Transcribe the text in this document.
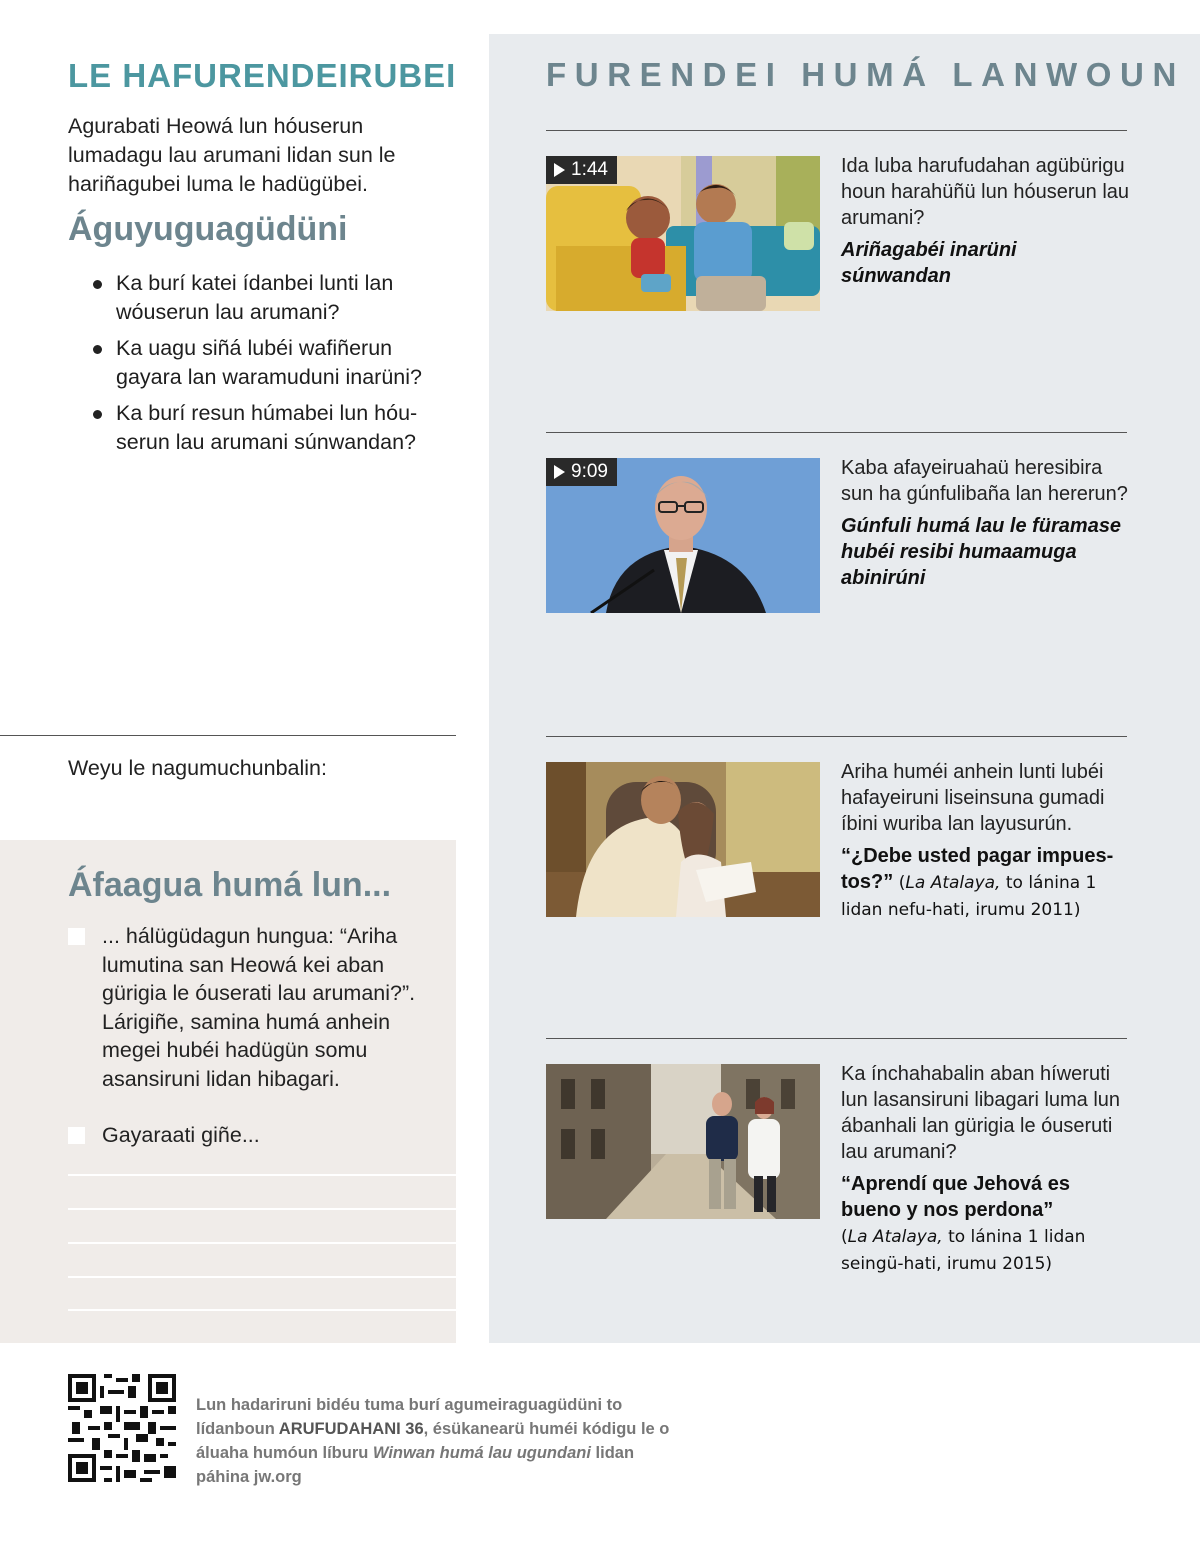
LE HAFURENDEIRUBEI

Agurabati Heowá lun hóuserun lumadagu lau arumani lidan sun le hariñagubei luma le hadügübei.

Águyuguagüdüni
Ka burí katei ídanbei lunti lan wóuserun lau arumani?
Ka uagu siñá lubéi wafiñerun gayara lan waramuduni inarüni?
Ka burí resun húmabei lun hóuserun lau arumani súnwandan?

Weyu le nagumuchunbalin:

Áfaagua humá lun...
... hálügüdagun hungua: “Ariha lumutina san Heowá kei aban gürigia le óuserati lau arumani?”. Lárigiñe, samina humá anhein megei hubéi hadügün somu asansiruni lidan hibagari.
Gayaraati giñe...
FURENDEI HUMÁ LANWOUN
1:44	Ida luba harufudahan agübürigu houn harahüñü lun hóuserun lau arumani?

Ariñagabéi inarüni súnwandan

9:09	Kaba afayeiruahaü heresibira sun ha gúnfulibaña lan hererun?

Gúnfuli humá lau le füramase hubéi resibi humaamuga abinirúni

Ariha huméi anhein lunti lubéi hafayeiruni liseinsuna gumadi íbini wuriba lan layusurún.

“¿Debe usted pagar impuestos?” (La Atalaya, to lánina 1 lidan nefu-hati, irumu 2011)

Ka ínchahabalin aban híweruti lun lasansiruni libagari luma lun ábanhali lan gürigia le óuseruti lau arumani?

“Aprendí que Jehová es bueno y nos perdona”
(La Atalaya, to lánina 1 lidan seingü-hati, irumu 2015)

Lun hadariruni bidéu tuma burí agumeiraguagüdüni to lídanboun ARUFUDAHANI 36, ésükanearü huméi kódigu le o áluaha humóun líburu Winwan humá lau ugundani lidan páhina jw.org
